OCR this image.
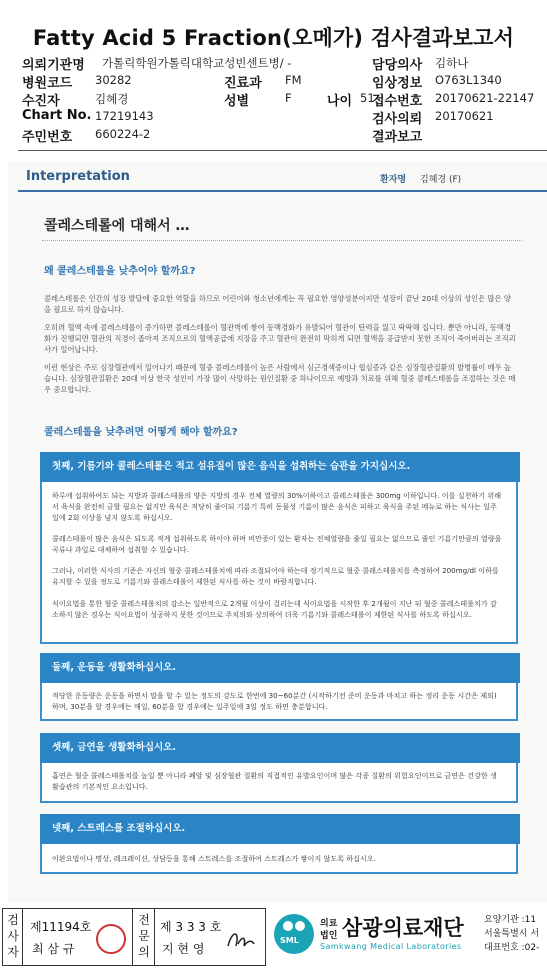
Fatty Acid 5 Fraction(오메가) 검사결과보고서
의뢰기관명 가톨릭학원가톨릭대학교성빈센트병/ -	담당의사 김하나
병원코드 30282	진료과 FM	임상정보 O763L1340
수진자	김혜경	성별	F	나이 51
접수번호 20170621-22147
Chart No. 17219143	검사의뢰 20170621
주민번호 660224-2	결과보고
Interpretation	환자명 김혜경 (F)
콜레스테롤에 대해서 …
왜 콜레스테롤을 낮추어야 할까요?
콜레스테롤은 인간의 성장 발달에 중요한 역할을 하므로 어린이와 청소년에게는 꼭 필요한 영양성분이지만 성장이 끝난 20대 이상의 성인은 많은 양을 필요로 하지 않습니다.
오히려 혈액 속에 콜레스테롤이 증가하면 콜레스테롤이 혈관벽에 쌓여 동맥경화가 유발되어 혈관이 탄력을 잃고 딱딱해 집니다. 뿐만 아니라, 동맥경화가 진행되면 혈관의 직경이 좁아져 조직으로의 혈액공급에 지장을 주고 혈관이 완전히 막히게 되면 혈액을 공급받지 못한 조직이 죽어버리는 조직괴사가 일어납니다.
이런 현상은 주로 심장혈관에서 일어나기 때문에 혈중 콜레스테롤이 높은 사람에서 심근경색증이나 협심증과 같은 심장혈관질환의 발병률이 매우 높습니다. 심장혈관질환은 20대 이상 한국 성인이 가장 많이 사망하는 원인질환 중 하나이므로 예방과 치료를 위해 혈중 콜레스테롤을 조절하는 것은 매우 중요합니다.
콜레스테롤을 낮추려면 어떻게 해야 할까요?
첫째, 기름기와 콜레스테롤은 적고 섬유질이 많은 음식을 섭취하는 습관을 가지십시오.
하루에 섭취하여도 되는 지방과 콜레스테롤의 양은 지방의 경우 전체 열량의 30%이하이고 콜레스테롤은 300mg 이하입니다. 이를 실천하기 위해서 육식을 완전히 금할 필요는 없지만 육식은 적당히 줄이되 기름기 특히 동물성 기름이 많은 음식은 피하고 육식을 주된 메뉴로 하는 식사는 일주일에 2회 이상을 넘지 않도록 하십시오.
콜레스테롤이 많은 음식은 되도록 적게 섭취하도록 하이야 하며 비만증이 있는 환자는 전체열량을 줄일 필요는 없으므로 줄인 기름기만큼의 열량을 곡류나 과일로 대체하여 섭취할 수 있습니다.
그러나, 이러한 식사의 기준은 자신의 혈중 콜레스테롤치에 따라 조절되어야 하는데 정기적으로 혈중 콜레스테롤치를 측정하여 200mg/dl 이하를 유지할 수 있을 정도로 기름기와 콜레스테롤이 제한된 식사를 하는 것이 바람직합니다.
식이요법을 통한 혈중 콜레스테롤치의 감소는 일반적으로 2개월 이상이 걸리는데 식이요법을 시작한 후 2개월이 지난 뒤 혈중 콜레스테롤치가 감소하지 않은 경우는 식이요법이 성공하지 못한 것이므로 주치의와 상의하여 더욱 기름기와 콜레스테롤이 제한된 식사를 하도록 하십시오.
둘째, 운동을 생활화하십시오.
적당한 운동량은 운동을 하면서 말을 할 수 있는 정도의 강도로 한번에 30~60분간 (시작하기전 준비 운동과 마치고 하는 정리 운동 시간은 제외)하며, 30분을 할 경우에는 매일, 60분을 할 경우에는 일주일에 3일 정도 하면 충분합니다.
셋째, 금연을 생활화하십시오.
흡연은 혈중 콜레스테롤치를 높일 뿐 아니라 폐암 및 심장혈관 질환의 직접적인 유발요인이며 많은 각종 질환의 위험요인이므로 금연은 건강한 생활습관의 기본적인 요소입니다.
넷째, 스트레스를 조절하십시오.
이완요법이나 명상, 레크레이션, 상담등을 통해 스트레스를 조절하여 스트레스가 쌓이지 않도록 하십시오.
검사자
제11194호
최 삼 규
전문의
제 3 3 3 호
지 현 영
SML
의료
법인 삼광의료재단
Samkwang Medical Laboratories
요양기관 :11
서울특별시 서
대표번호 :02-
